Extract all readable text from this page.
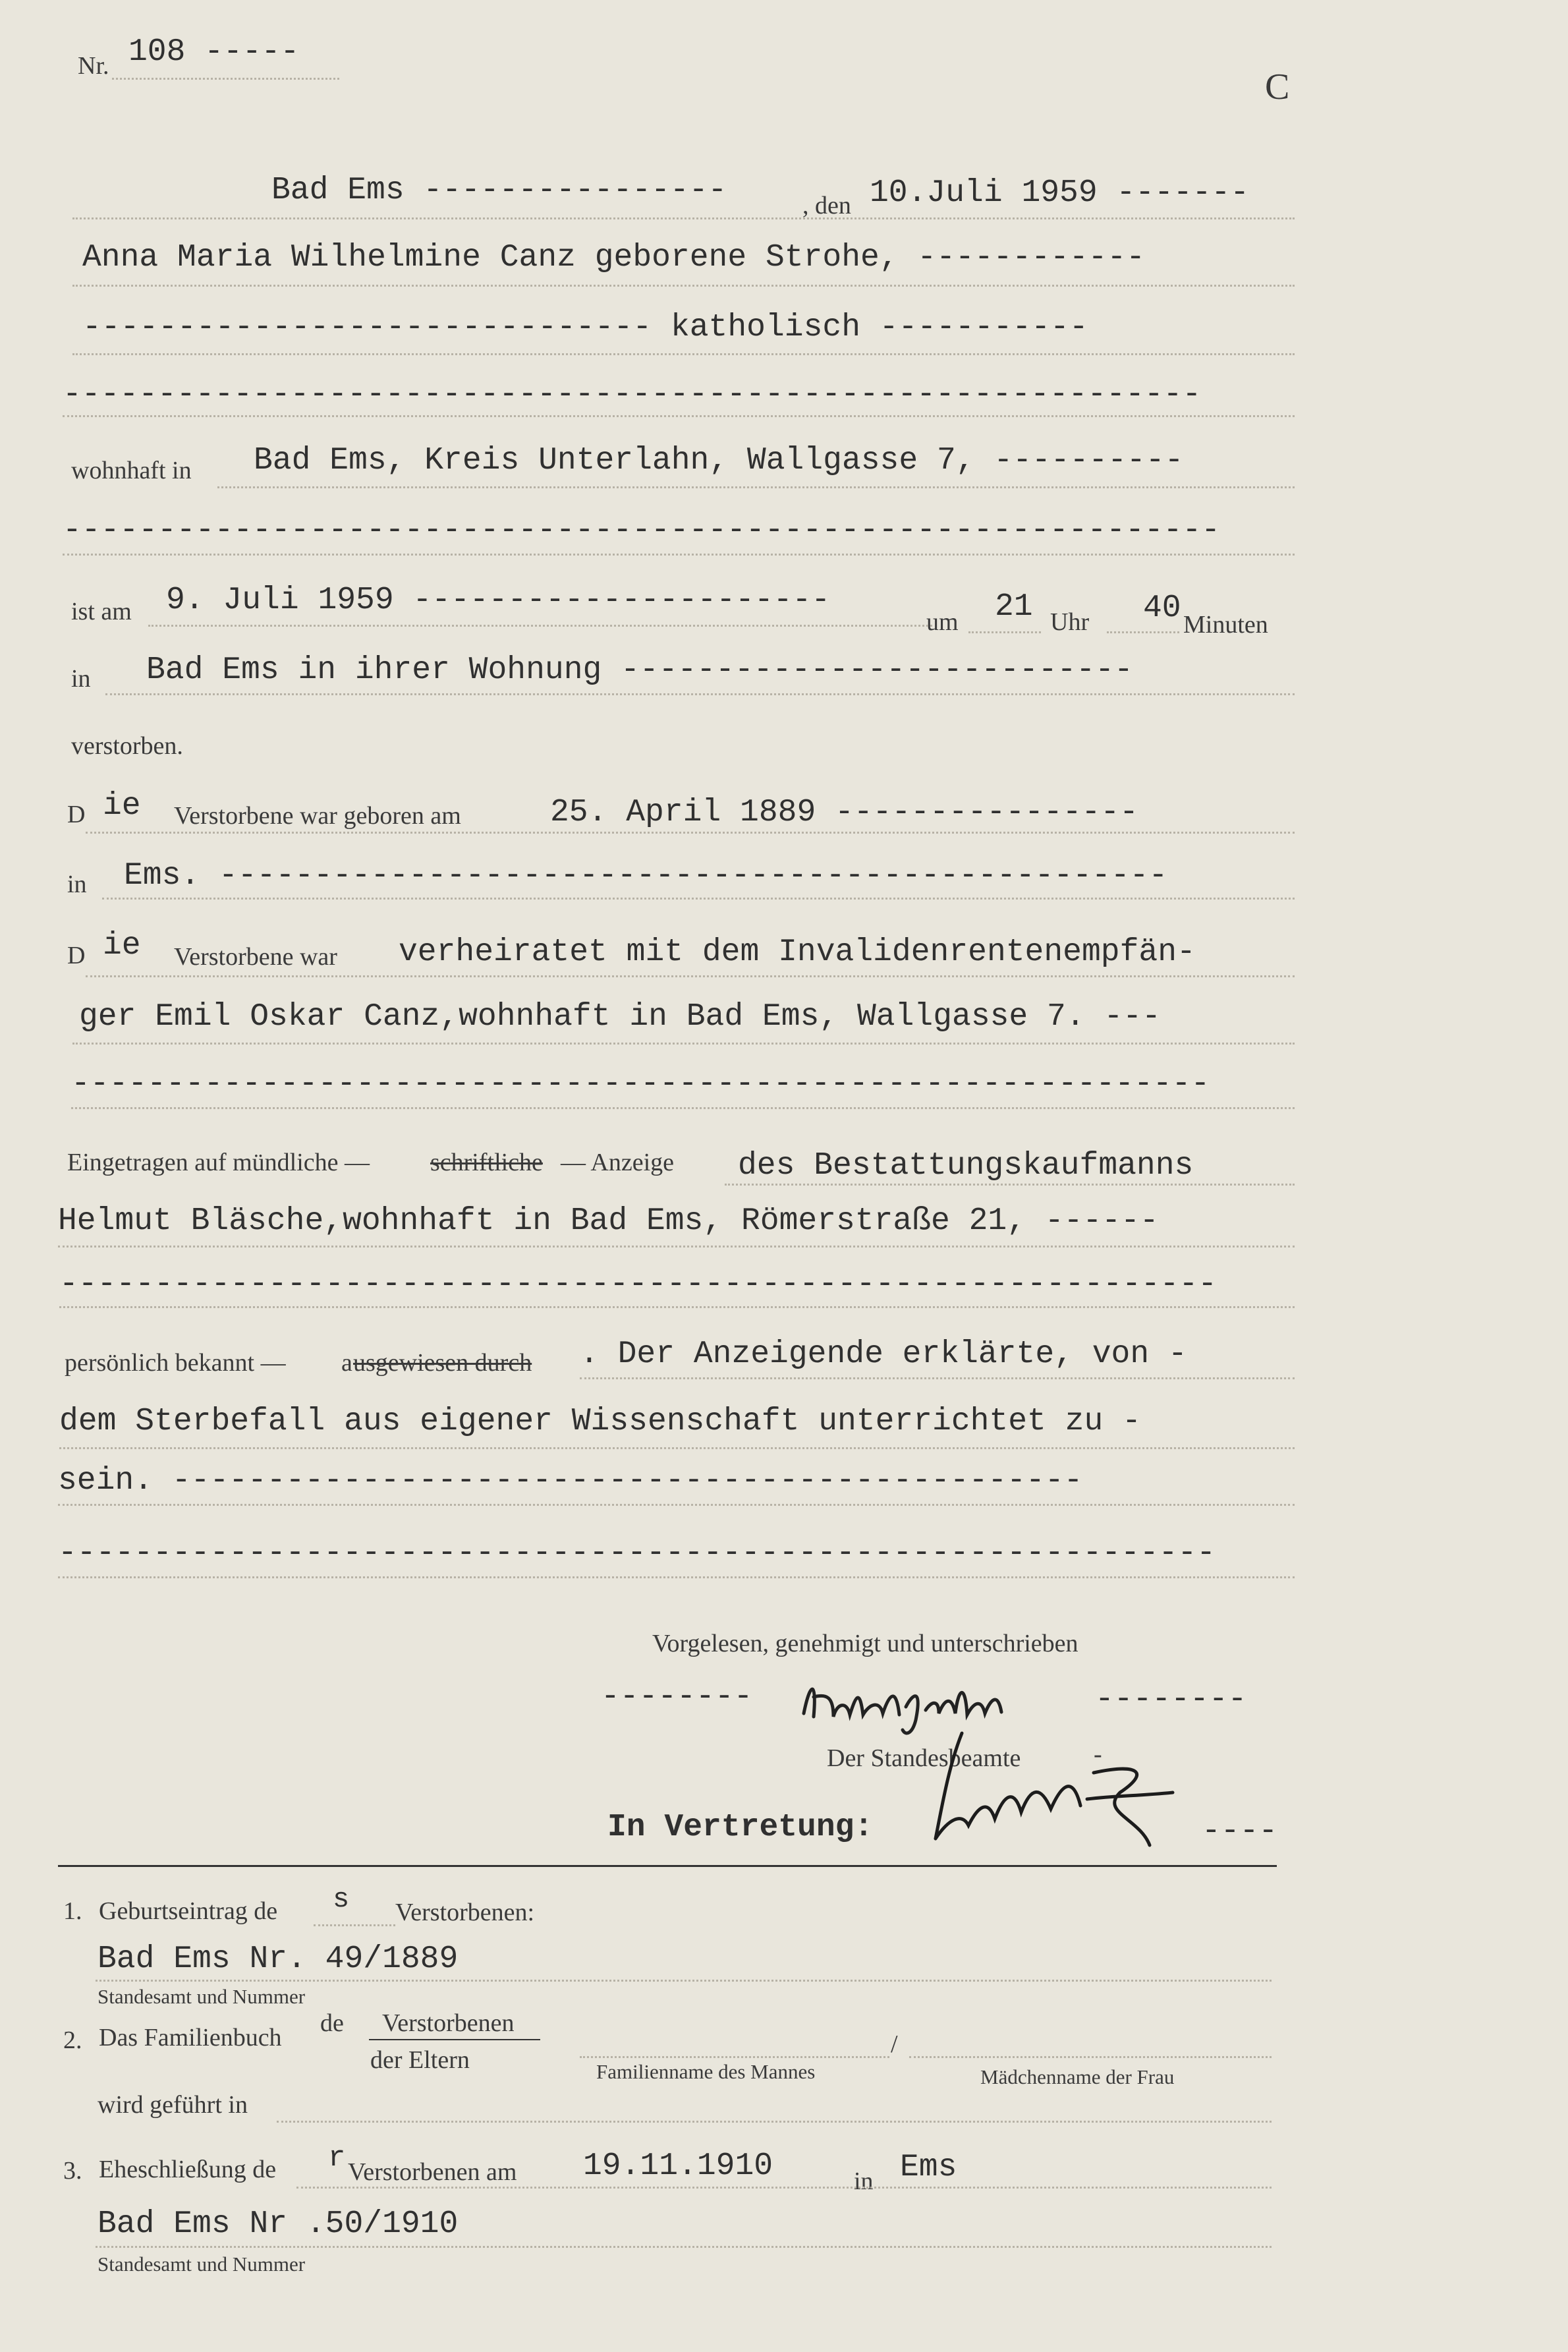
Nr. 108 -----
C
Bad Ems ----------------	, den 10.Juli 1959 -------
Anna Maria Wilhelmine Canz geborene Strohe, ------------
------------------------------ katholisch -----------
------------------------------------------------------------
wohnhaft in Bad Ems, Kreis Unterlahn, Wallgasse 7, ----------
-------------------------------------------------------------
ist am 9. Juli 1959 ----------------------
um 21 Uhr 40 Minuten
in Bad Ems in ihrer Wohnung ---------------------------
verstorben.
D ie Verstorbene war geboren am	25. April 1889 ----------------
in Ems. --------------------------------------------------
D ie Verstorbene war verheiratet mit dem Invalidenrentenempfän-
ger Emil Oskar Canz,wohnhaft in Bad Ems, Wallgasse 7. ---
------------------------------------------------------------
Eingetragen auf mündliche — schriftliche — Anzeige des Bestattungskaufmanns
Helmut Bläsche,wohnhaft in Bad Ems, Römerstraße 21, ------
-------------------------------------------------------------
persönlich bekannt — a usgewiesen durch . Der Anzeigende erklärte, von -
dem Sterbefall aus eigener Wissenschaft unterrichtet zu -
sein. ------------------------------------------------
-------------------------------------------------------------
Vorgelesen, genehmigt und unterschrieben
--------	--------
Der Standesbeamte	-
In Vertretung:	----
1. Geburtseintrag de s Verstorbenen:
Bad Ems Nr. 49/1889
Standesamt und Nummer
2. Das Familienbuch
de Verstorbenen
der Eltern	Familienname des Mannes
/
Mädchenname der Frau
wird geführt in
3. Eheschließung de r Verstorbenen am 19.11.1910	in Ems
Bad Ems Nr .50/1910
Standesamt und Nummer
